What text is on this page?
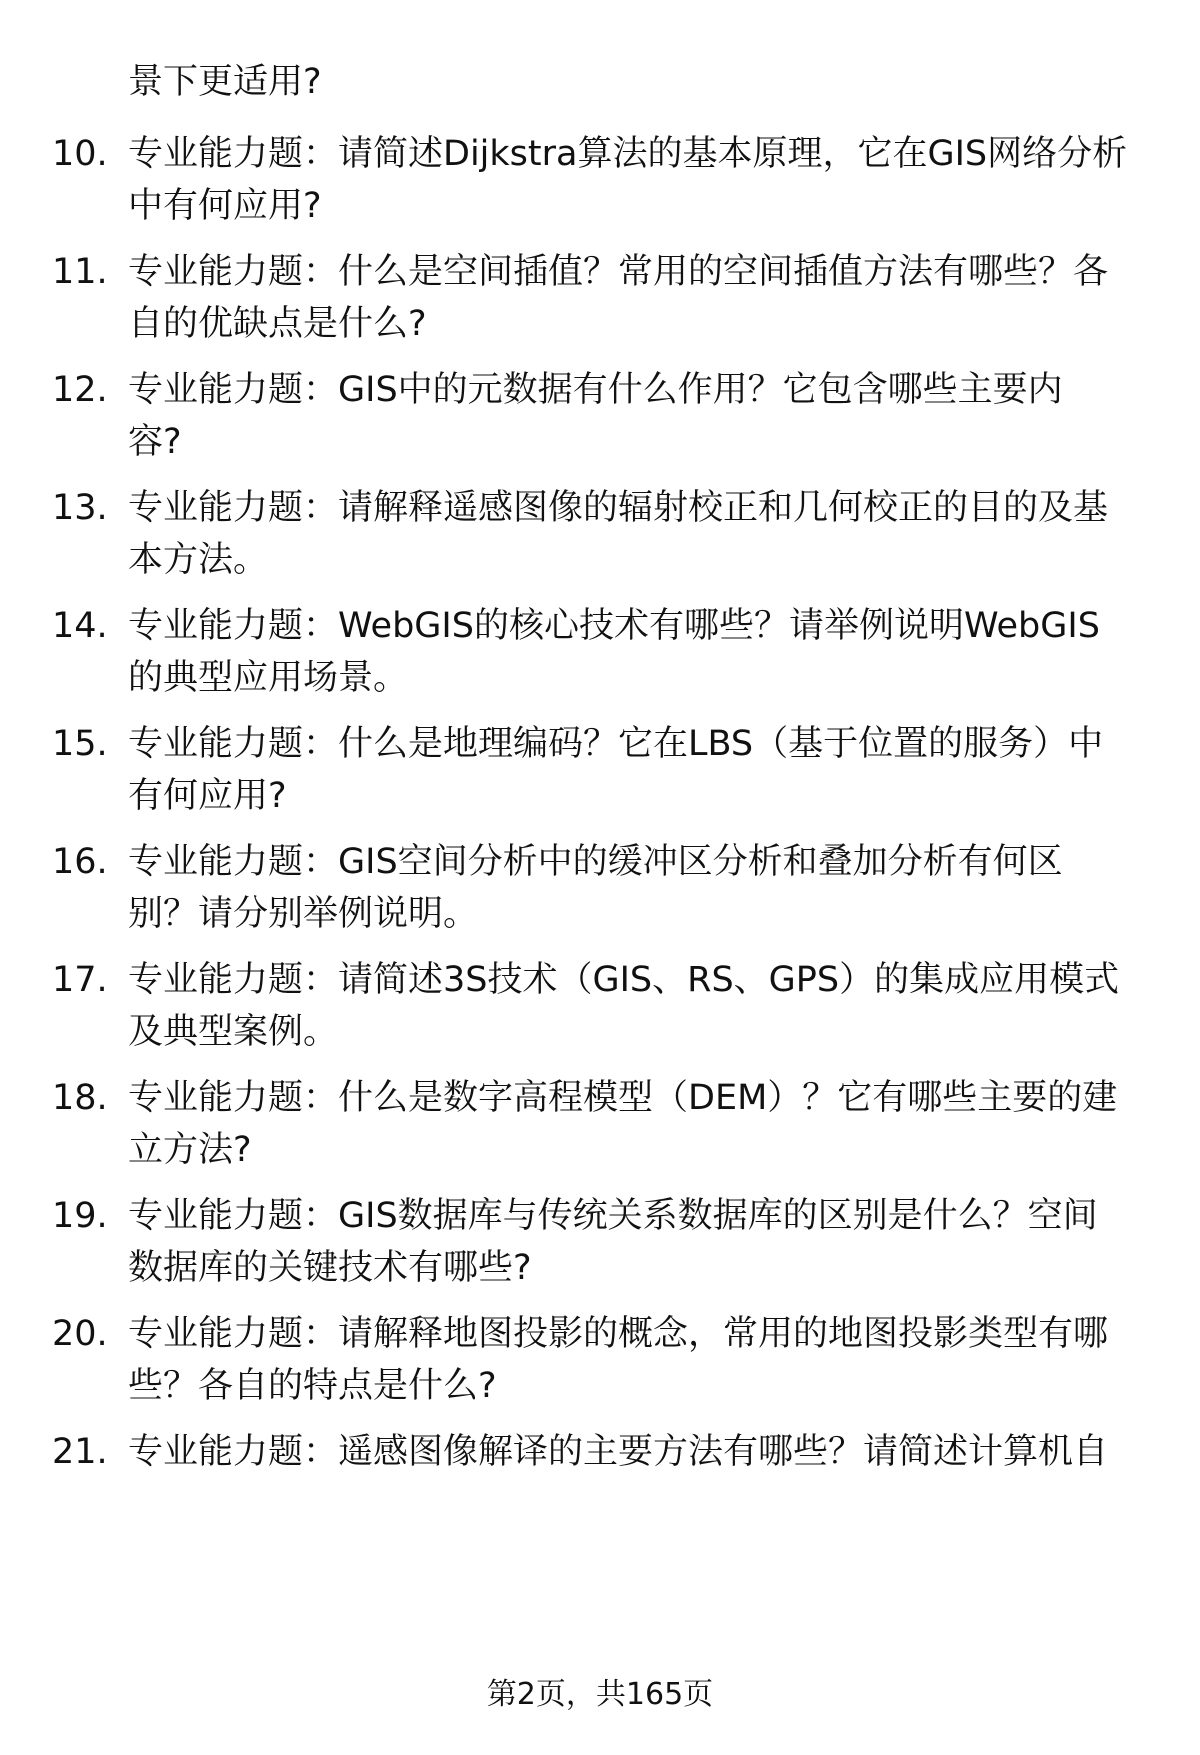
景下更适用?
10. 专业能力题：请简述Dijkstra算法的基本原理，它在GIS网络分析
中有何应用?
11. 专业能力题：什么是空间插值？常用的空间插值方法有哪些？各
自的优缺点是什么?
12. 专业能力题：GIS中的元数据有什么作用？它包含哪些主要内
容?
13. 专业能力题：请解释遥感图像的辐射校正和几何校正的目的及基
本方法。
14. 专业能力题：WebGIS的核心技术有哪些？请举例说明WebGIS
的典型应用场景。
15. 专业能力题：什么是地理编码？它在LBS（基于位置的服务）中
有何应用?
16. 专业能力题：GIS空间分析中的缓冲区分析和叠加分析有何区
别？请分别举例说明。
17. 专业能力题：请简述3S技术（GIS、RS、GPS）的集成应用模式
及典型案例。
18. 专业能力题：什么是数字高程模型（DEM）？它有哪些主要的建
立方法?
19. 专业能力题：GIS数据库与传统关系数据库的区别是什么？空间
数据库的关键技术有哪些?
20. 专业能力题：请解释地图投影的概念，常用的地图投影类型有哪
些？各自的特点是什么?
21. 专业能力题：遥感图像解译的主要方法有哪些？请简述计算机自
第2页，共165页
